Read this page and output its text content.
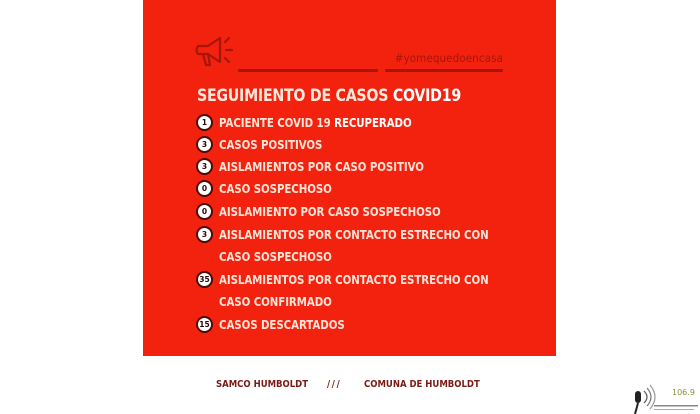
#yomequedoencasa
SEGUIMIENTO DE CASOS COVID19
1 PACIENTE COVID 19 RECUPERADO
3 CASOS POSITIVOS
3 AISLAMIENTOS POR CASO POSITIVO
0 CASO SOSPECHOSO
0 AISLAMIENTO POR CASO SOSPECHOSO
3 AISLAMIENTOS POR CONTACTO ESTRECHO CON
CASO SOSPECHOSO
35 AISLAMIENTOS POR CONTACTO ESTRECHO CON
CASO CONFIRMADO
15 CASOS DESCARTADOS
SAMCO HUMBOLDT /// COMUNA DE HUMBOLDT
106.9
